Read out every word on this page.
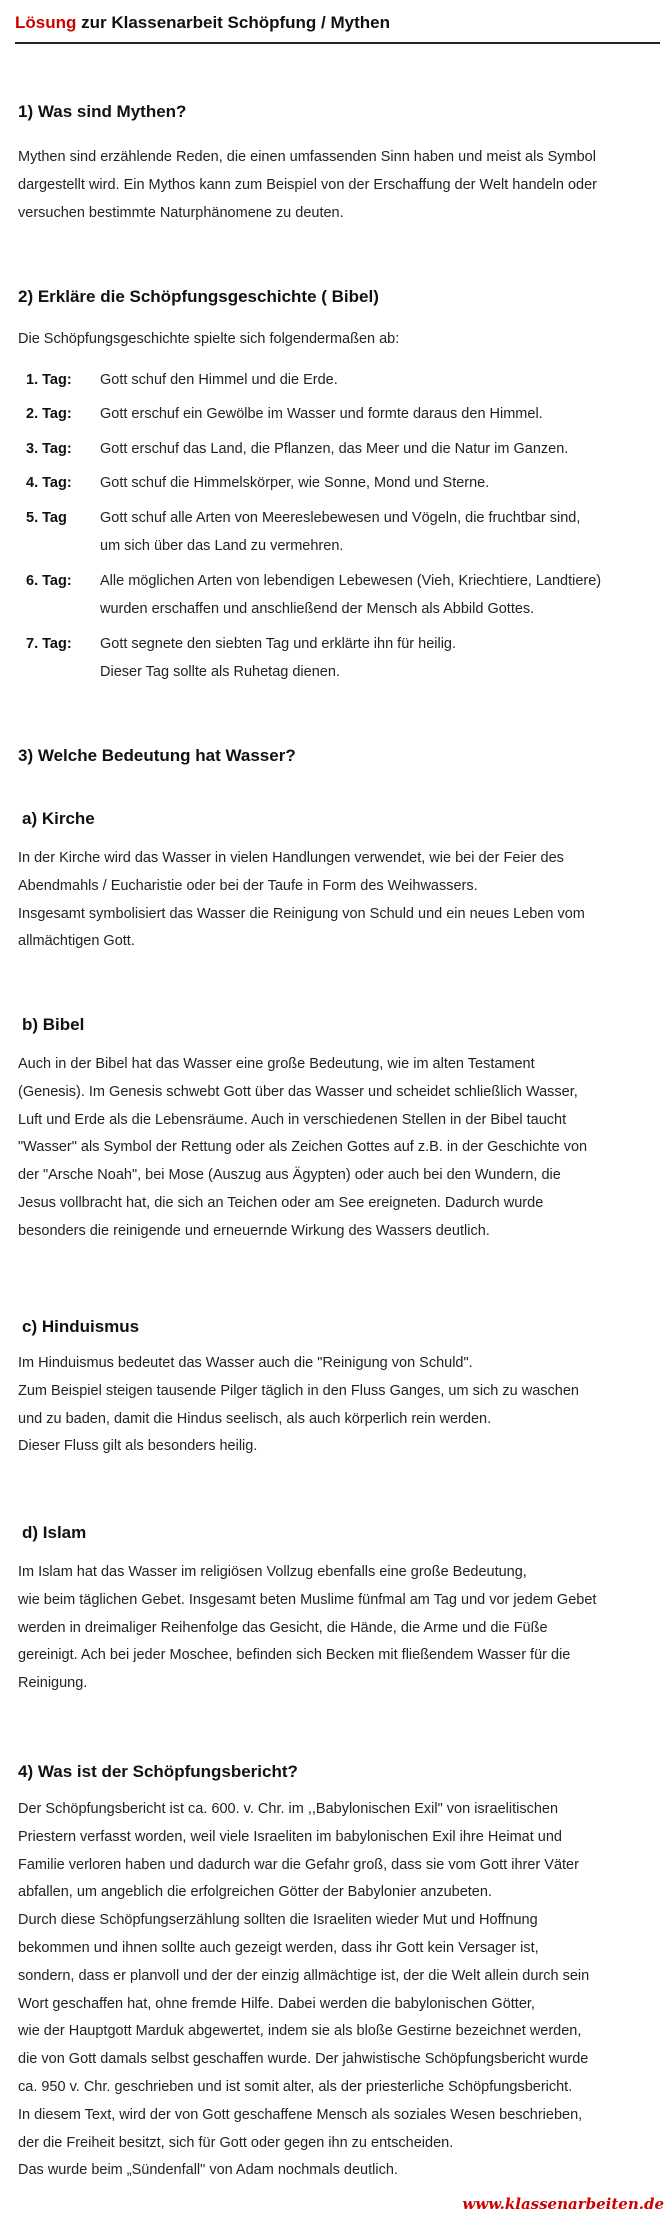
Lösung zur Klassenarbeit Schöpfung / Mythen
1) Was sind Mythen?
Mythen sind erzählende Reden, die einen umfassenden Sinn haben und meist als Symbol
dargestellt wird. Ein Mythos kann zum Beispiel von der Erschaffung der Welt handeln oder
versuchen bestimmte Naturphänomene zu deuten.
2) Erkläre die Schöpfungsgeschichte ( Bibel)
Die Schöpfungsgeschichte spielte sich folgendermaßen ab:
1. Tag:	Gott schuf den Himmel und die Erde.
2. Tag:	Gott erschuf ein Gewölbe im Wasser und formte daraus den Himmel.
3. Tag:	Gott erschuf das Land, die Pflanzen, das Meer und die Natur im Ganzen.
4. Tag:	Gott schuf die Himmelskörper, wie Sonne, Mond und Sterne.
5. Tag	Gott schuf alle Arten von Meereslebewesen und Vögeln, die fruchtbar sind,
um sich über das Land zu vermehren.
6. Tag:	Alle möglichen Arten von lebendigen Lebewesen (Vieh, Kriechtiere, Landtiere)
wurden erschaffen und anschließend der Mensch als Abbild Gottes.
7. Tag:	Gott segnete den siebten Tag und erklärte ihn für heilig.
Dieser Tag sollte als Ruhetag dienen.
3) Welche Bedeutung hat Wasser?
a) Kirche
In der Kirche wird das Wasser in vielen Handlungen verwendet, wie bei der Feier des
Abendmahls / Eucharistie oder bei der Taufe in Form des Weihwassers.
Insgesamt symbolisiert das Wasser die Reinigung von Schuld und ein neues Leben vom
allmächtigen Gott.
b) Bibel
Auch in der Bibel hat das Wasser eine große Bedeutung, wie im alten Testament
(Genesis). Im Genesis schwebt Gott über das Wasser und scheidet schließlich Wasser,
Luft und Erde als die Lebensräume. Auch in verschiedenen Stellen in der Bibel taucht
"Wasser" als Symbol der Rettung oder als Zeichen Gottes auf z.B. in der Geschichte von
der "Arsche Noah", bei Mose (Auszug aus Ägypten) oder auch bei den Wundern, die
Jesus vollbracht hat, die sich an Teichen oder am See ereigneten. Dadurch wurde
besonders die reinigende und erneuernde Wirkung des Wassers deutlich.
c) Hinduismus
Im Hinduismus bedeutet das Wasser auch die "Reinigung von Schuld".
Zum Beispiel steigen tausende Pilger täglich in den Fluss Ganges, um sich zu waschen
und zu baden, damit die Hindus seelisch, als auch körperlich rein werden.
Dieser Fluss gilt als besonders heilig.
d) Islam
Im Islam hat das Wasser im religiösen Vollzug ebenfalls eine große Bedeutung,
wie beim täglichen Gebet. Insgesamt beten Muslime fünfmal am Tag und vor jedem Gebet
werden in dreimaliger Reihenfolge das Gesicht, die Hände, die Arme und die Füße
gereinigt. Ach bei jeder Moschee, befinden sich Becken mit fließendem Wasser für die
Reinigung.
4) Was ist der Schöpfungsbericht?
Der Schöpfungsbericht ist ca. 600. v. Chr. im ,,Babylonischen Exil" von israelitischen
Priestern verfasst worden, weil viele Israeliten im babylonischen Exil ihre Heimat und
Familie verloren haben und dadurch war die Gefahr groß, dass sie vom Gott ihrer Väter
abfallen, um angeblich die erfolgreichen Götter der Babylonier anzubeten.
Durch diese Schöpfungserzählung sollten die Israeliten wieder Mut und Hoffnung
bekommen und ihnen sollte auch gezeigt werden, dass ihr Gott kein Versager ist,
sondern, dass er planvoll und der der einzig allmächtige ist, der die Welt allein durch sein
Wort geschaffen hat, ohne fremde Hilfe. Dabei werden die babylonischen Götter,
wie der Hauptgott Marduk abgewertet, indem sie als bloße Gestirne bezeichnet werden,
die von Gott damals selbst geschaffen wurde. Der jahwistische Schöpfungsbericht wurde
ca. 950 v. Chr. geschrieben und ist somit alter, als der priesterliche Schöpfungsbericht.
In diesem Text, wird der von Gott geschaffene Mensch als soziales Wesen beschrieben,
der die Freiheit besitzt, sich für Gott oder gegen ihn zu entscheiden.
Das wurde beim „Sündenfall" von Adam nochmals deutlich.
www.klassenarbeiten.de
